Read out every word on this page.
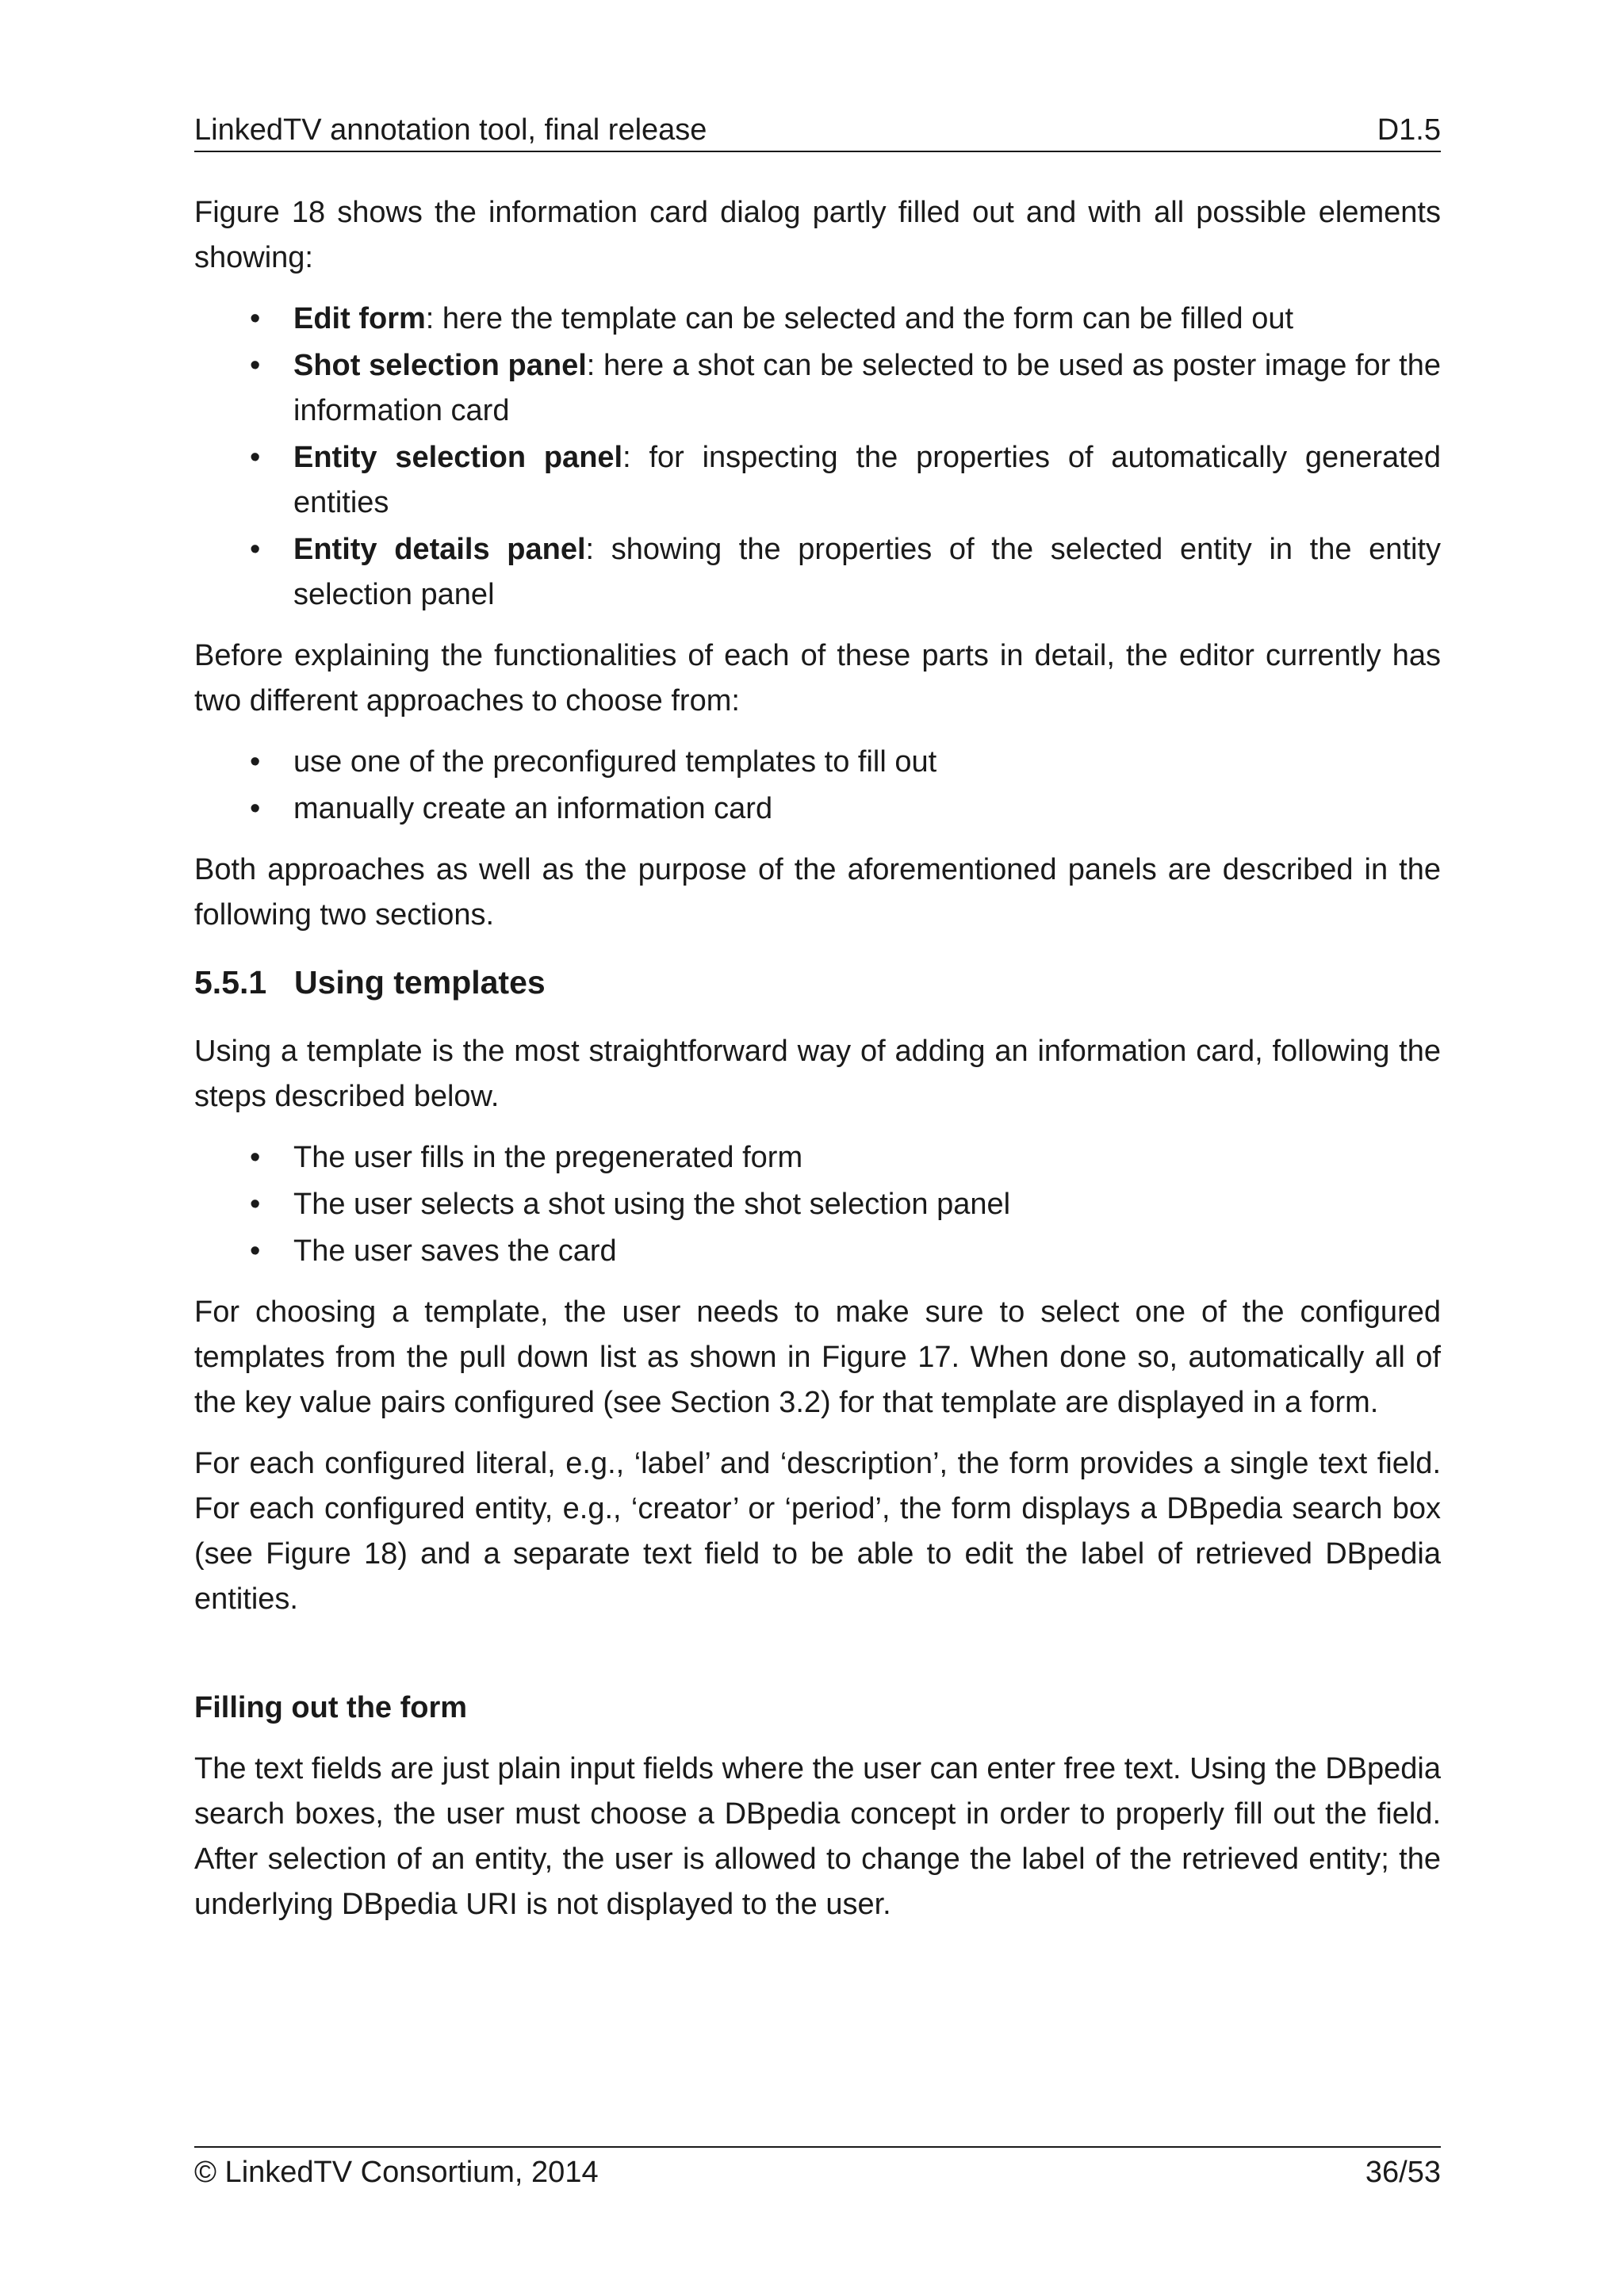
LinkedTV annotation tool, final release	D1.5

Figure 18 shows the information card dialog partly filled out and with all possible elements showing:

• Edit form: here the template can be selected and the form can be filled out
• Shot selection panel: here a shot can be selected to be used as poster image for the information card
• Entity selection panel: for inspecting the properties of automatically generated entities
• Entity details panel: showing the properties of the selected entity in the entity selection panel

Before explaining the functionalities of each of these parts in detail, the editor currently has two different approaches to choose from:

• use one of the preconfigured templates to fill out
• manually create an information card

Both approaches as well as the purpose of the aforementioned panels are described in the following two sections.

5.5.1 Using templates

Using a template is the most straightforward way of adding an information card, following the steps described below.

• The user fills in the pregenerated form
• The user selects a shot using the shot selection panel
• The user saves the card

For choosing a template, the user needs to make sure to select one of the configured templates from the pull down list as shown in Figure 17. When done so, automatically all of the key value pairs configured (see Section 3.2) for that template are displayed in a form.

For each configured literal, e.g., ‘label’ and ‘description’, the form provides a single text field. For each configured entity, e.g., ‘creator’ or ‘period’, the form displays a DBpedia search box (see Figure 18) and a separate text field to be able to edit the label of retrieved DBpedia entities.

Filling out the form

The text fields are just plain input fields where the user can enter free text. Using the DBpedia search boxes, the user must choose a DBpedia concept in order to properly fill out the field. After selection of an entity, the user is allowed to change the label of the retrieved entity; the underlying DBpedia URI is not displayed to the user.

© LinkedTV Consortium, 2014	36/53
